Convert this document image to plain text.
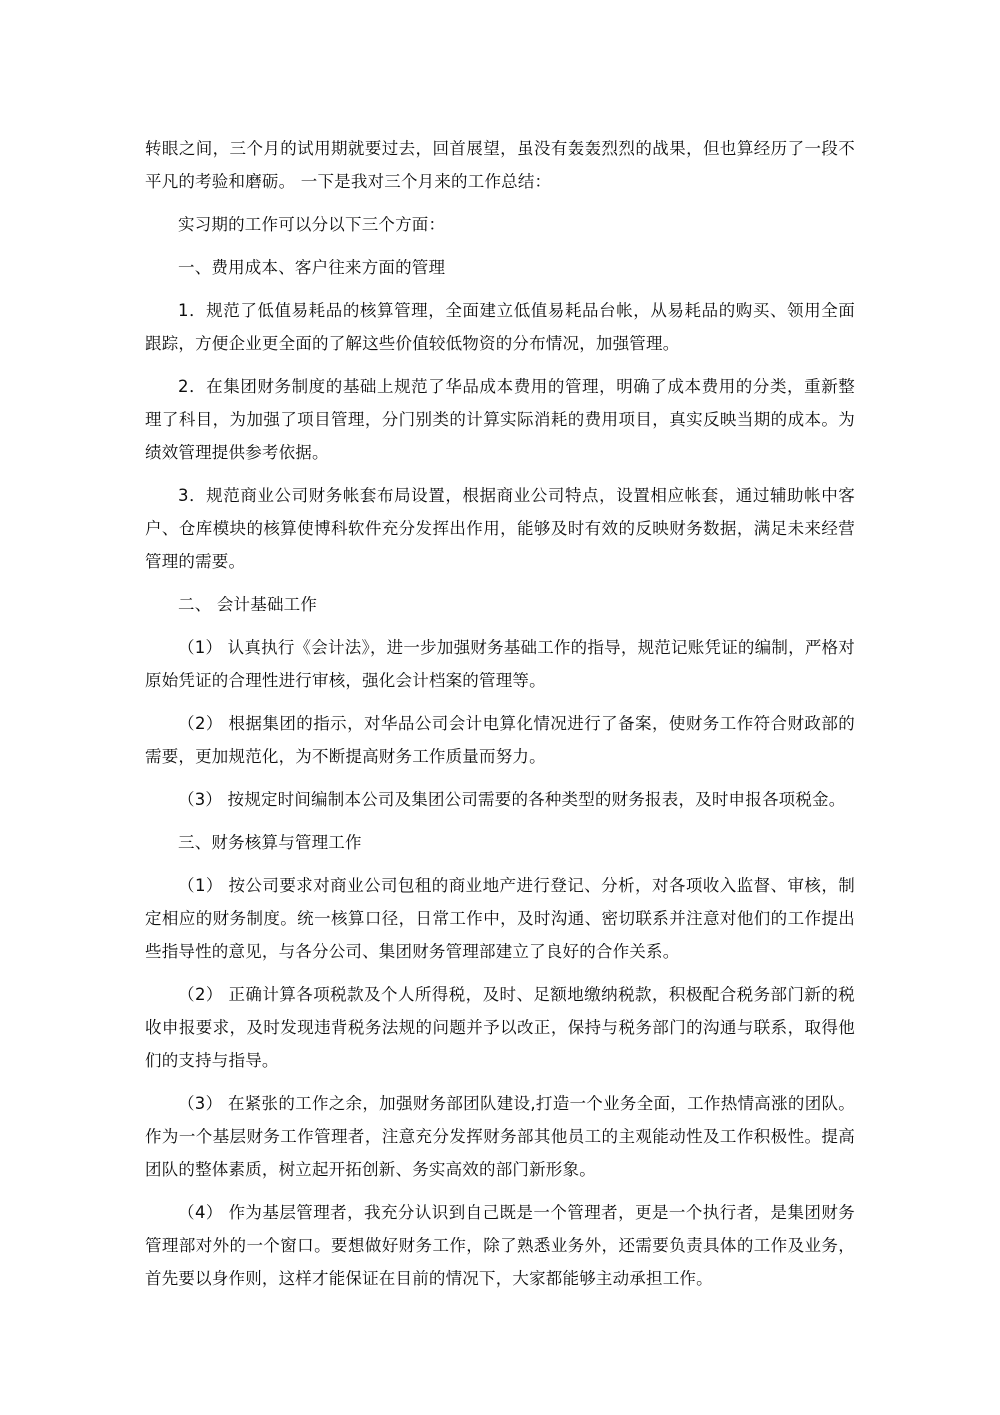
转眼之间，三个月的试用期就要过去，回首展望，虽没有轰轰烈烈的战果，但也算经历了一段不平凡的考验和磨砺。 一下是我对三个月来的工作总结：

实习期的工作可以分以下三个方面：

一、费用成本、客户往来方面的管理

1．规范了低值易耗品的核算管理，全面建立低值易耗品台帐，从易耗品的购买、领用全面跟踪，方便企业更全面的了解这些价值较低物资的分布情况，加强管理。

2．在集团财务制度的基础上规范了华品成本费用的管理，明确了成本费用的分类，重新整理了科目，为加强了项目管理，分门别类的计算实际消耗的费用项目，真实反映当期的成本。为绩效管理提供参考依据。

3．规范商业公司财务帐套布局设置，根据商业公司特点，设置相应帐套，通过辅助帐中客户、仓库模块的核算使博科软件充分发挥出作用，能够及时有效的反映财务数据，满足未来经营管理的需要。

二、 会计基础工作

（1） 认真执行《会计法》，进一步加强财务基础工作的指导，规范记账凭证的编制，严格对原始凭证的合理性进行审核，强化会计档案的管理等。

（2） 根据集团的指示，对华品公司会计电算化情况进行了备案，使财务工作符合财政部的需要，更加规范化，为不断提高财务工作质量而努力。

（3） 按规定时间编制本公司及集团公司需要的各种类型的财务报表，及时申报各项税金。

三、财务核算与管理工作

（1） 按公司要求对商业公司包租的商业地产进行登记、分析，对各项收入监督、审核，制定相应的财务制度。统一核算口径，日常工作中，及时沟通、密切联系并注意对他们的工作提出些指导性的意见，与各分公司、集团财务管理部建立了良好的合作关系。

（2） 正确计算各项税款及个人所得税，及时、足额地缴纳税款，积极配合税务部门新的税收申报要求，及时发现违背税务法规的问题并予以改正，保持与税务部门的沟通与联系，取得他们的支持与指导。

（3） 在紧张的工作之余，加强财务部团队建设,打造一个业务全面，工作热情高涨的团队。作为一个基层财务工作管理者，注意充分发挥财务部其他员工的主观能动性及工作积极性。提高团队的整体素质，树立起开拓创新、务实高效的部门新形象。

（4） 作为基层管理者，我充分认识到自己既是一个管理者，更是一个执行者，是集团财务管理部对外的一个窗口。要想做好财务工作，除了熟悉业务外，还需要负责具体的工作及业务，首先要以身作则，这样才能保证在目前的情况下，大家都能够主动承担工作。
